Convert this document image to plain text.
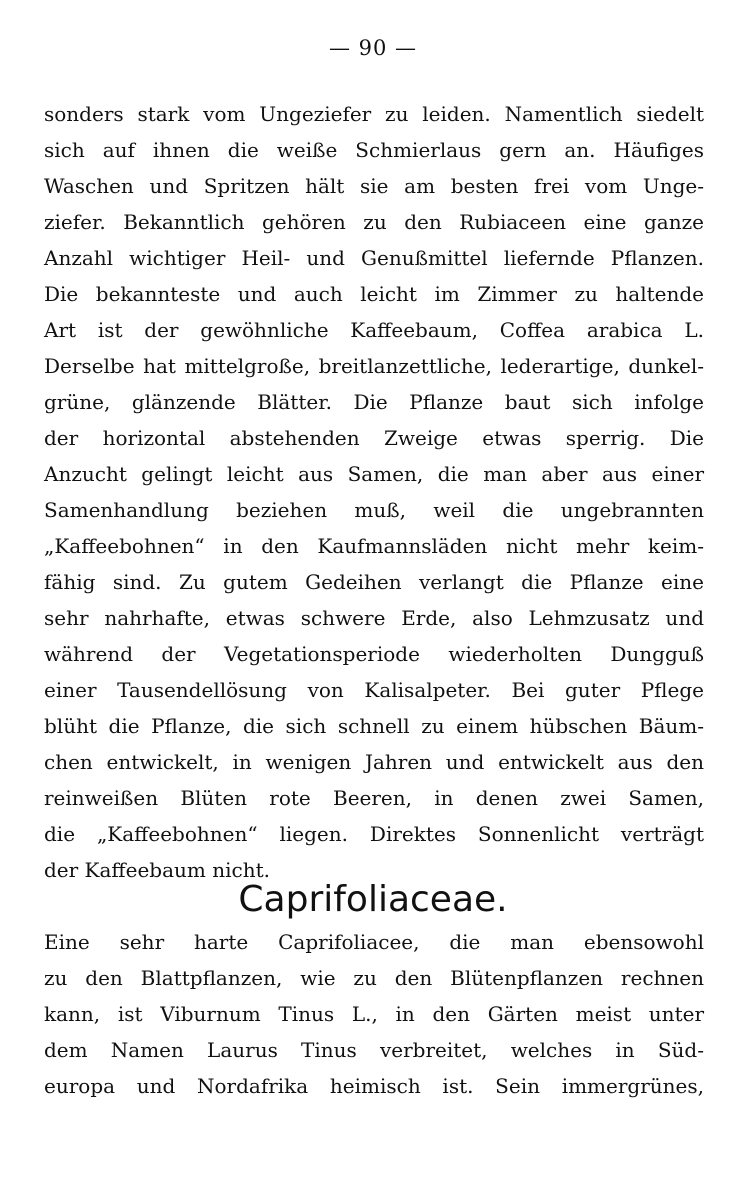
— 90 —
sonders stark vom Ungeziefer zu leiden. Namentlich siedelt
sich auf ihnen die weiße Schmierlaus gern an. Häufiges
Waschen und Spritzen hält sie am besten frei vom Unge-
ziefer. Bekanntlich gehören zu den Rubiaceen eine ganze
Anzahl wichtiger Heil- und Genußmittel liefernde Pflanzen.
Die bekannteste und auch leicht im Zimmer zu haltende
Art ist der gewöhnliche Kaffeebaum, Coffea arabica L.
Derselbe hat mittelgroße, breitlanzettliche, lederartige, dunkel-
grüne, glänzende Blätter. Die Pflanze baut sich infolge
der horizontal abstehenden Zweige etwas sperrig. Die
Anzucht gelingt leicht aus Samen, die man aber aus einer
Samenhandlung beziehen muß, weil die ungebrannten
„Kaffeebohnen“ in den Kaufmannsläden nicht mehr keim-
fähig sind. Zu gutem Gedeihen verlangt die Pflanze eine
sehr nahrhafte, etwas schwere Erde, also Lehmzusatz und
während der Vegetationsperiode wiederholten Dungguß
einer Tausendellösung von Kalisalpeter. Bei guter Pflege
blüht die Pflanze, die sich schnell zu einem hübschen Bäum-
chen entwickelt, in wenigen Jahren und entwickelt aus den
reinweißen Blüten rote Beeren, in denen zwei Samen,
die „Kaffeebohnen“ liegen. Direktes Sonnenlicht verträgt
der Kaffeebaum nicht.
Caprifoliaceae.
Eine sehr harte Caprifoliacee, die man ebensowohl
zu den Blattpflanzen, wie zu den Blütenpflanzen rechnen
kann, ist Viburnum Tinus L., in den Gärten meist unter
dem Namen Laurus Tinus verbreitet, welches in Süd-
europa und Nordafrika heimisch ist. Sein immergrünes,
